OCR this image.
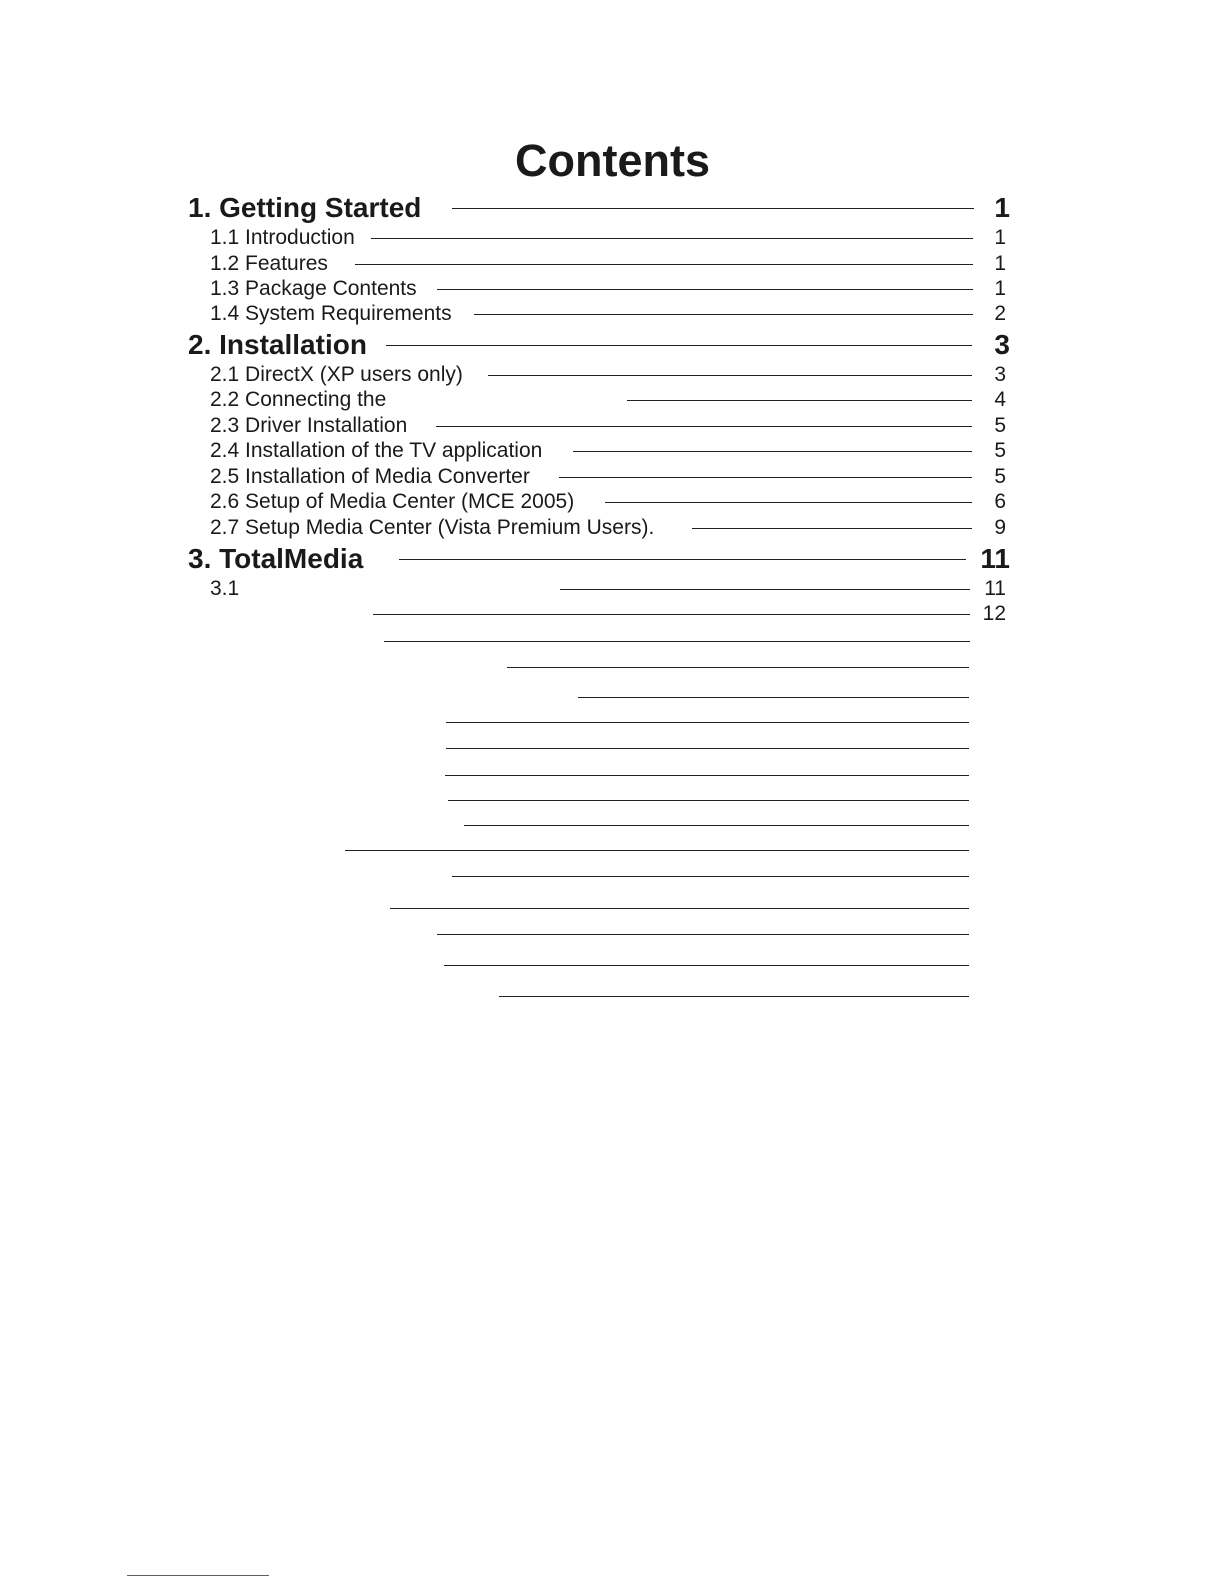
Contents
1. Getting Started	1
1.1 Introduction	1
1.2 Features	1
1.3 Package Contents	1
1.4 System Requirements	2
2. Installation	3
2.1 DirectX (XP users only)	3
2.2 Connecting the	4
2.3 Driver Installation	5
2.4 Installation of the TV application	5
2.5 Installation of Media Converter	5
2.6 Setup of Media Center (MCE 2005)	6
2.7 Setup Media Center (Vista Premium Users).	9
3. TotalMedia	11
3.1	11
12
